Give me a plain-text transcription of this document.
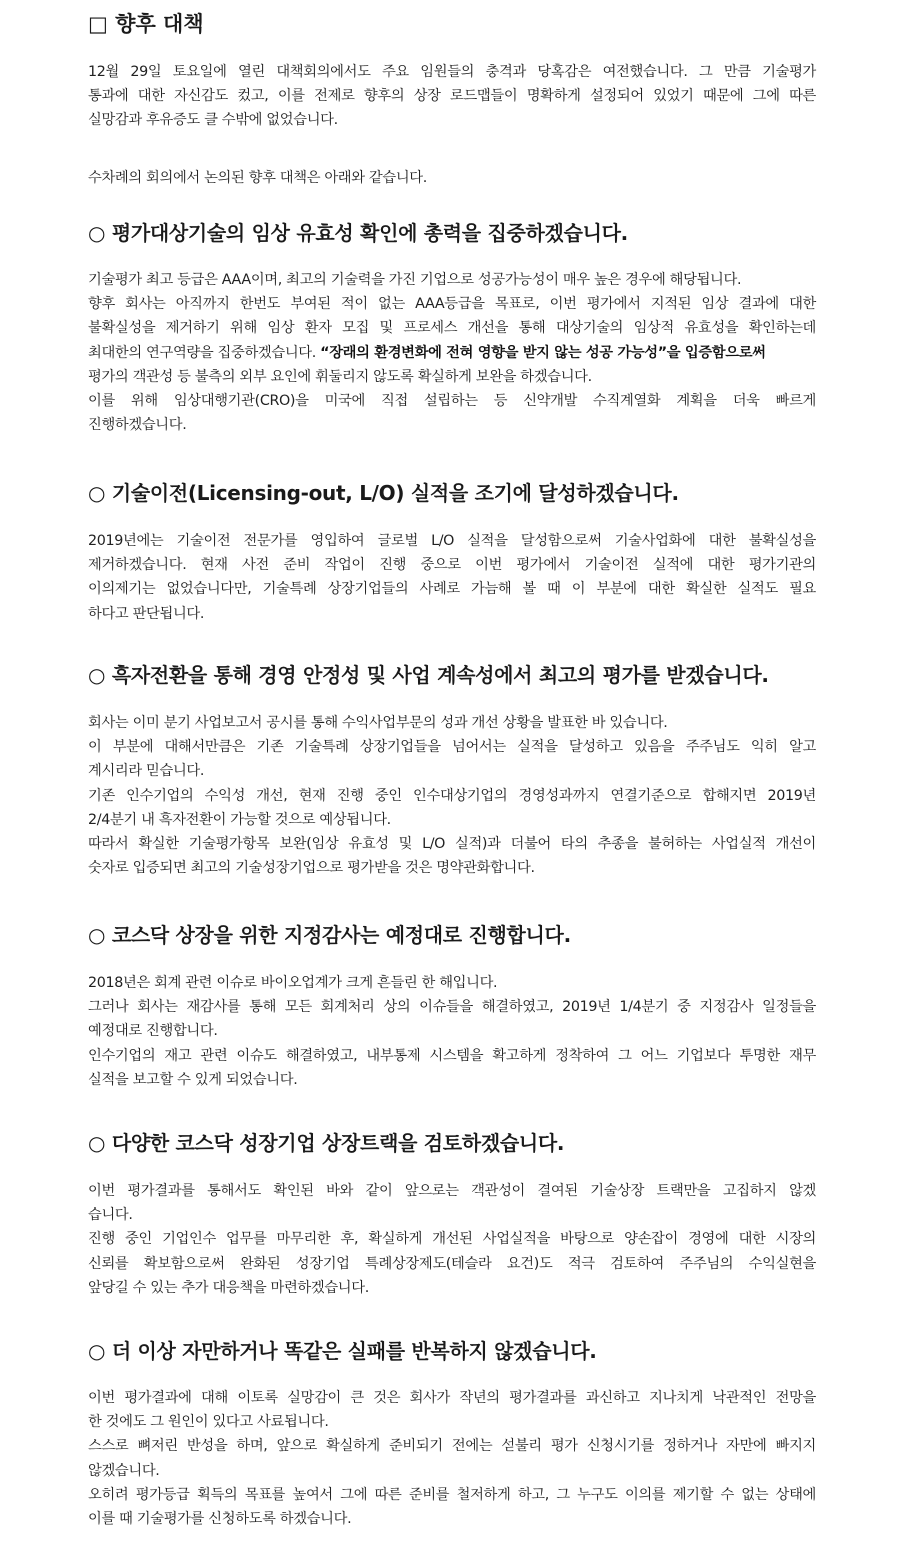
□ 향후 대책
12월 29일 토요일에 열린 대책회의에서도 주요 임원들의 충격과 당혹감은 여전했습니다. 그 만큼 기술평가
통과에 대한 자신감도 컸고, 이를 전제로 향후의 상장 로드맵들이 명확하게 설정되어 있었기 때문에 그에 따른
실망감과 후유증도 클 수밖에 없었습니다.
수차례의 회의에서 논의된 향후 대책은 아래와 같습니다.
○ 평가대상기술의 임상 유효성 확인에 총력을 집중하겠습니다.
기술평가 최고 등급은 AAA이며, 최고의 기술력을 가진 기업으로 성공가능성이 매우 높은 경우에 해당됩니다.
향후 회사는 아직까지 한번도 부여된 적이 없는 AAA등급을 목표로, 이번 평가에서 지적된 임상 결과에 대한
불확실성을 제거하기 위해 임상 환자 모집 및 프로세스 개선을 통해 대상기술의 임상적 유효성을 확인하는데
최대한의 연구역량을 집중하겠습니다. “장래의 환경변화에 전혀 영향을 받지 않는 성공 가능성”을 입증함으로써
평가의 객관성 등 불측의 외부 요인에 휘둘리지 않도록 확실하게 보완을 하겠습니다.
이를 위해 임상대행기관(CRO)을 미국에 직접 설립하는 등 신약개발 수직계열화 계획을 더욱 빠르게
진행하겠습니다.
○ 기술이전(Licensing-out, L/O) 실적을 조기에 달성하겠습니다.
2019년에는 기술이전 전문가를 영입하여 글로벌 L/O 실적을 달성함으로써 기술사업화에 대한 불확실성을
제거하겠습니다. 현재 사전 준비 작업이 진행 중으로 이번 평가에서 기술이전 실적에 대한 평가기관의
이의제기는 없었습니다만, 기술특례 상장기업들의 사례로 가늠해 볼 때 이 부분에 대한 확실한 실적도 필요
하다고 판단됩니다.
○ 흑자전환을 통해 경영 안정성 및 사업 계속성에서 최고의 평가를 받겠습니다.
회사는 이미 분기 사업보고서 공시를 통해 수익사업부문의 성과 개선 상황을 발표한 바 있습니다.
이 부분에 대해서만큼은 기존 기술특례 상장기업들을 넘어서는 실적을 달성하고 있음을 주주님도 익히 알고
계시리라 믿습니다.
기존 인수기업의 수익성 개선, 현재 진행 중인 인수대상기업의 경영성과까지 연결기준으로 합해지면 2019년
2/4분기 내 흑자전환이 가능할 것으로 예상됩니다.
따라서 확실한 기술평가항목 보완(임상 유효성 및 L/O 실적)과 더불어 타의 추종을 불허하는 사업실적 개선이
숫자로 입증되면 최고의 기술성장기업으로 평가받을 것은 명약관화합니다.
○ 코스닥 상장을 위한 지정감사는 예정대로 진행합니다.
2018년은 회계 관련 이슈로 바이오업계가 크게 흔들린 한 해입니다.
그러나 회사는 재감사를 통해 모든 회계처리 상의 이슈들을 해결하였고, 2019년 1/4분기 중 지정감사 일정들을
예정대로 진행합니다.
인수기업의 재고 관련 이슈도 해결하였고, 내부통제 시스템을 확고하게 정착하여 그 어느 기업보다 투명한 재무
실적을 보고할 수 있게 되었습니다.
○ 다양한 코스닥 성장기업 상장트랙을 검토하겠습니다.
이번 평가결과를 통해서도 확인된 바와 같이 앞으로는 객관성이 결여된 기술상장 트랙만을 고집하지 않겠
습니다.
진행 중인 기업인수 업무를 마무리한 후, 확실하게 개선된 사업실적을 바탕으로 양손잡이 경영에 대한 시장의
신뢰를 확보함으로써 완화된 성장기업 특례상장제도(테슬라 요건)도 적극 검토하여 주주님의 수익실현을
앞당길 수 있는 추가 대응책을 마련하겠습니다.
○ 더 이상 자만하거나 똑같은 실패를 반복하지 않겠습니다.
이번 평가결과에 대해 이토록 실망감이 큰 것은 회사가 작년의 평가결과를 과신하고 지나치게 낙관적인 전망을
한 것에도 그 원인이 있다고 사료됩니다.
스스로 뼈저린 반성을 하며, 앞으로 확실하게 준비되기 전에는 섣불리 평가 신청시기를 정하거나 자만에 빠지지
않겠습니다.
오히려 평가등급 획득의 목표를 높여서 그에 따른 준비를 철저하게 하고, 그 누구도 이의를 제기할 수 없는 상태에
이를 때 기술평가를 신청하도록 하겠습니다.
